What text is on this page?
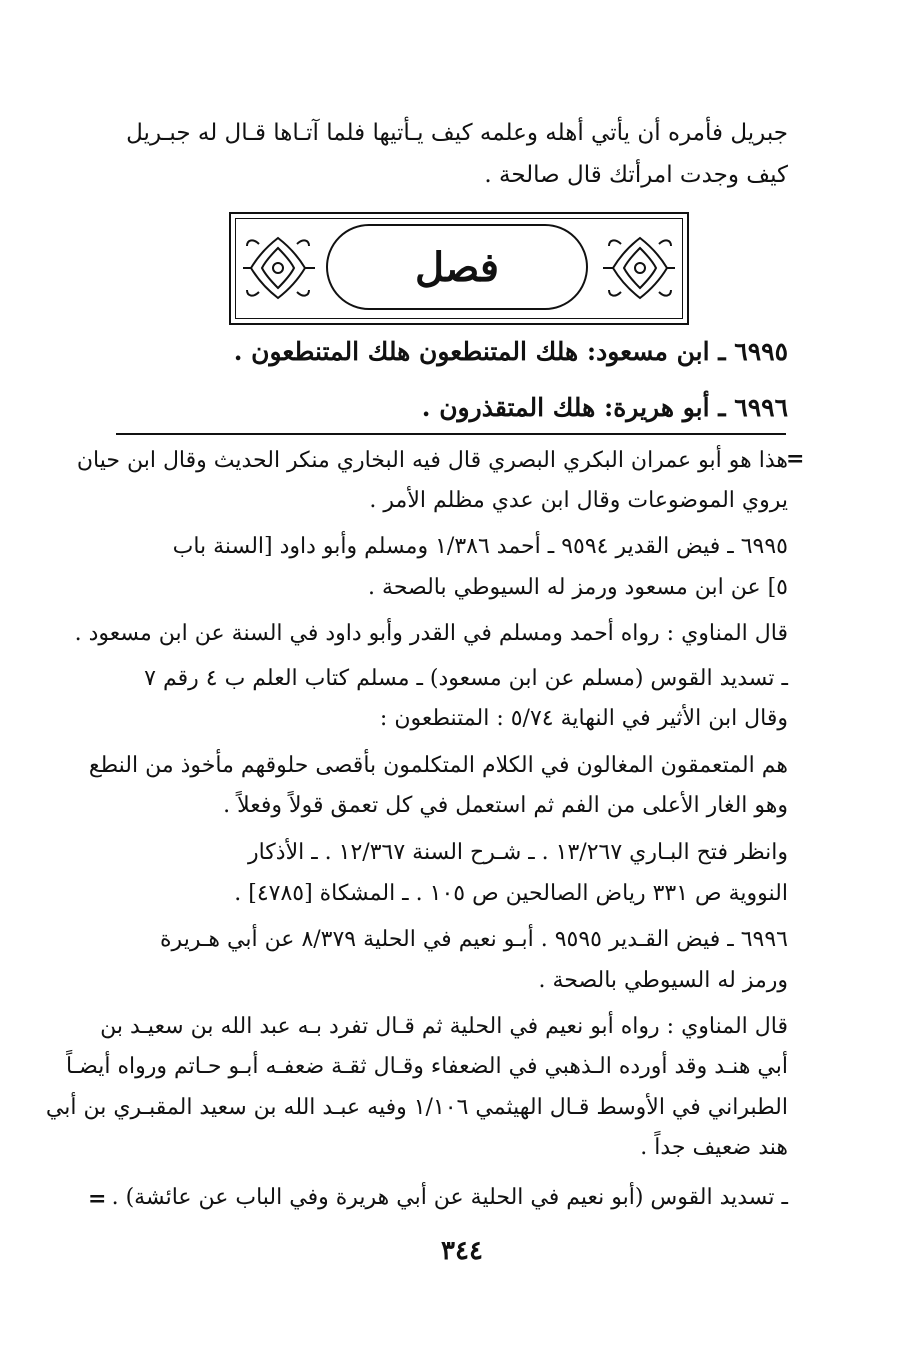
جبريل فأمره أن يأتي أهله وعلمه كيف يـأتيها فلما آتـاها قـال له جبـريل
كيف وجدت امرأتك قال صالحة .
فصل
٦٩٩٥ ـ ابن مسعود: هلك المتنطعون هلك المتنطعون .
٦٩٩٦ ـ أبو هريرة: هلك المتقذرون .
=
هذا هو أبو عمران البكري البصري قال فيه البخاري منكر الحديث وقال ابن حيان
يروي الموضوعات وقال ابن عدي مظلم الأمر .
٦٩٩٥ ـ فيض القدير ٩٥٩٤ ـ أحمد ١/٣٨٦ ومسلم وأبو داود [السنة باب
٥] عن ابن مسعود ورمز له السيوطي بالصحة .
قال المناوي : رواه أحمد ومسلم في القدر وأبو داود في السنة عن ابن مسعود .
ـ تسديد القوس (مسلم عن ابن مسعود) ـ مسلم كتاب العلم ب ٤ رقم ٧
وقال ابن الأثير في النهاية ٥/٧٤ : المتنطعون :
هم المتعمقون المغالون في الكلام المتكلمون بأقصى حلوقهم مأخوذ من النطع
وهو الغار الأعلى من الفم ثم استعمل في كل تعمق قولاً وفعلاً .
وانظر فتح البـاري ١٣/٢٦٧ . ـ شـرح السنة ١٢/٣٦٧ . ـ الأذكار
النووية ص ٣٣١ رياض الصالحين ص ١٠٥ . ـ المشكاة [٤٧٨٥] .
٦٩٩٦ ـ فيض القـدير ٩٥٩٥ . أبـو نعيم في الحلية ٨/٣٧٩ عن أبي هـريرة
ورمز له السيوطي بالصحة .
قال المناوي : رواه أبو نعيم في الحلية ثم قـال تفرد بـه عبد الله بن سعيـد بن
أبي هنـد وقد أورده الـذهبي في الضعفاء وقـال ثقـة ضعفـه أبـو حـاتم ورواه أيضـاً
الطبراني في الأوسط قـال الهيثمي ١/١٠٦ وفيه عبـد الله بن سعيد المقبـري بن أبي
هند ضعيف جداً .
ـ تسديد القوس (أبو نعيم في الحلية عن أبي هريرة وفي الباب عن عائشة) .
=
٣٤٤
